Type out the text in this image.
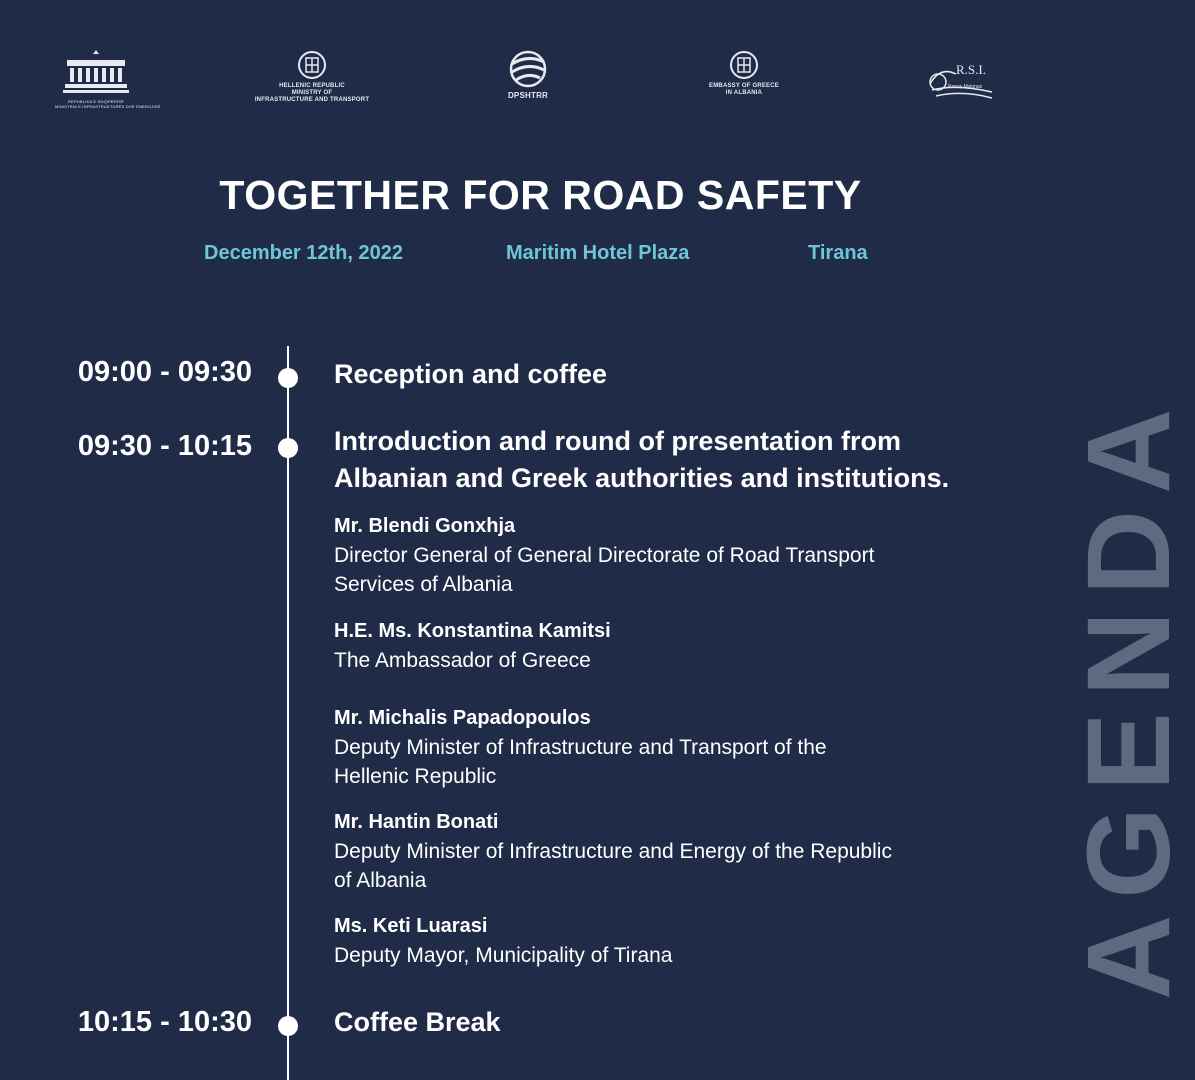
REPUBLIKA E SHQIPËRISË
MINISTRIA E INFRASTRUKTURËS DHE ENERGJISË
HELLENIC REPUBLIC
MINISTRY OF
INFRASTRUCTURE AND TRANSPORT	DPSHTRR
EMBASSY OF GREECE
IN ALBANIA
R.S.I.
Panos Mylonas
TOGETHER FOR ROAD SAFETY
December 12th, 2022	Maritim Hotel Plaza	Tirana
AGENDA
09:00 - 09:30	Reception and coffee
09:30 - 10:15	Introduction and round of presentation from
Albanian and Greek authorities and institutions.
Mr. Blendi Gonxhja
Director General of General Directorate of Road Transport
Services of Albania
H.E. Ms. Konstantina Kamitsi
The Ambassador of Greece
Mr. Michalis Papadopoulos
Deputy Minister of Infrastructure and Transport of the
Hellenic Republic
Mr. Hantin Bonati
Deputy Minister of Infrastructure and Energy of the Republic
of Albania
Ms. Keti Luarasi
Deputy Mayor, Municipality of Tirana
10:15 - 10:30	Coffee Break
